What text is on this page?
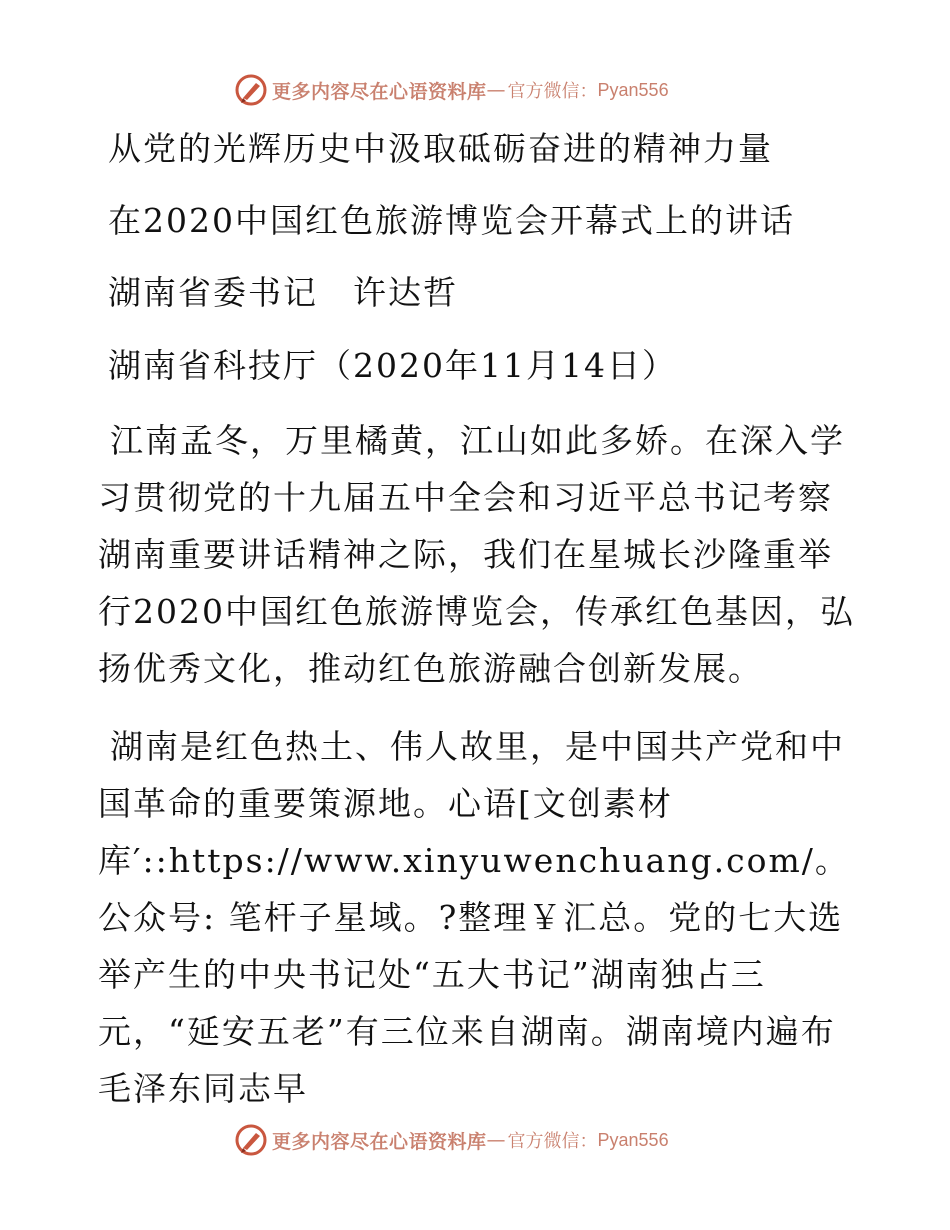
更多内容尽在心语资料库 — 官方微信： Pyan556
从党的光辉历史中汲取砥砺奋进的精神力量
在2020中国红色旅游博览会开幕式上的讲话
湖南省委书记　许达哲
湖南省科技厅（2020年11月14日）

江南孟冬，万里橘黄，江山如此多娇。在深入学习贯彻党的十九届五中全会和习近平总书记考察湖南重要讲话精神之际，我们在星城长沙隆重举行2020中国红色旅游博览会，传承红色基因，弘扬优秀文化，推动红色旅游融合创新发展。

湖南是红色热土、伟人故里，是中国共产党和中国革命的重要策源地。心语[文创素材库′::https://www.xinyuwenchuang.com/。公众号: 笔杆子星域。?整理￥汇总。党的七大选举产生的中央书记处“五大书记”湖南独占三元，“延安五老”有三位来自湖南。湖南境内遍布毛泽东同志早

更多内容尽在心语资料库 — 官方微信： Pyan556
